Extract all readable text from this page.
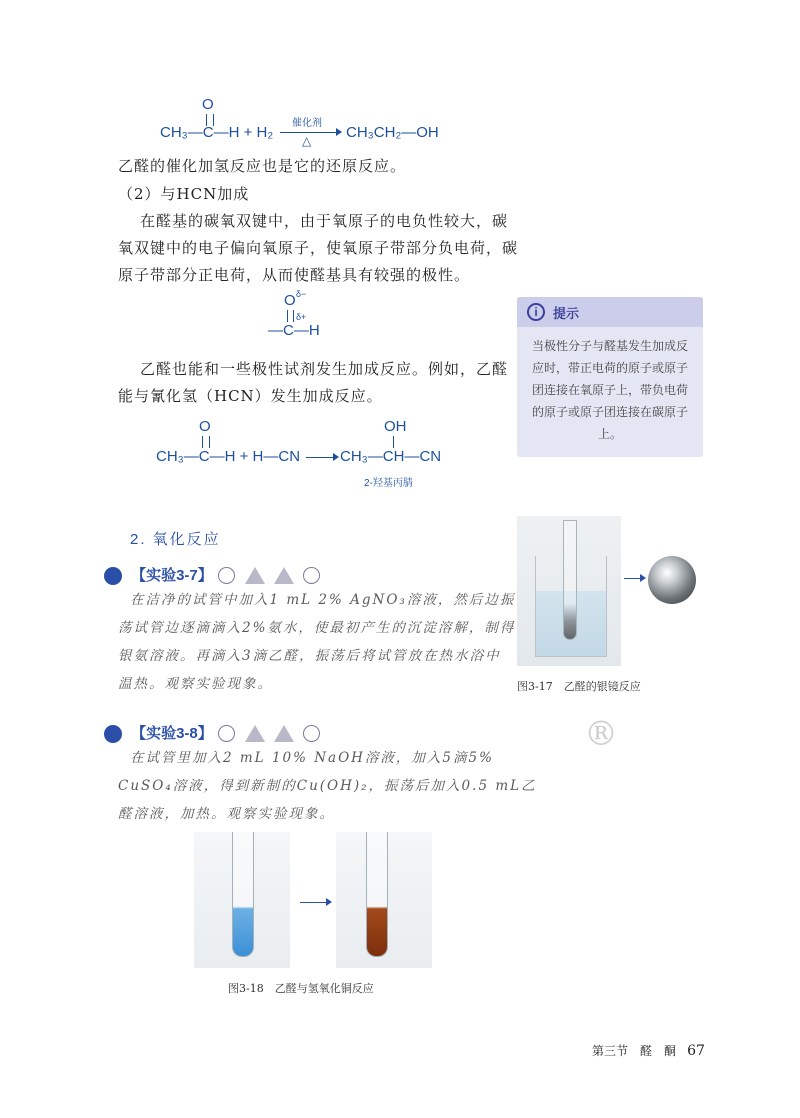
O
CH₃—C—H + H₂
催化剂
△ CH₃CH₂—OH
乙醛的催化加氢反应也是它的还原反应。
（2）与HCN加成
在醛基的碳氧双键中，由于氧原子的电负性较大，碳
氧双键中的电子偏向氧原子，使氧原子带部分负电荷，碳
原子带部分正电荷，从而使醛基具有较强的极性。
O δ−
δ+
—C—H
乙醛也能和一些极性试剂发生加成反应。例如，乙醛
能与氰化氢（HCN）发生加成反应。
O
CH₃—C—H + H—CN
OH
CH₃—CH—CN
2-羟基丙腈
i	提示
当极性分子与醛基发生加成反应时，带正电荷的原子或原子团连接在氧原子上，带负电荷的原子或原子团连接在碳原子上。
2. 氧化反应
【实验3-7】
在洁净的试管中加入1 mL 2% AgNO₃溶液，然后边振
荡试管边逐滴滴入2%氨水，使最初产生的沉淀溶解，制得
银氨溶液。再滴入3滴乙醛，振荡后将试管放在热水浴中
温热。观察实验现象。	图3-17　乙醛的银镜反应
®
【实验3-8】
在试管里加入2 mL 10% NaOH溶液，加入5滴5%
CuSO₄溶液，得到新制的Cu(OH)₂，振荡后加入0.5 mL乙
醛溶液，加热。观察实验现象。
图3-18　乙醛与氢氧化铜反应
第三节　醛　酮 67
